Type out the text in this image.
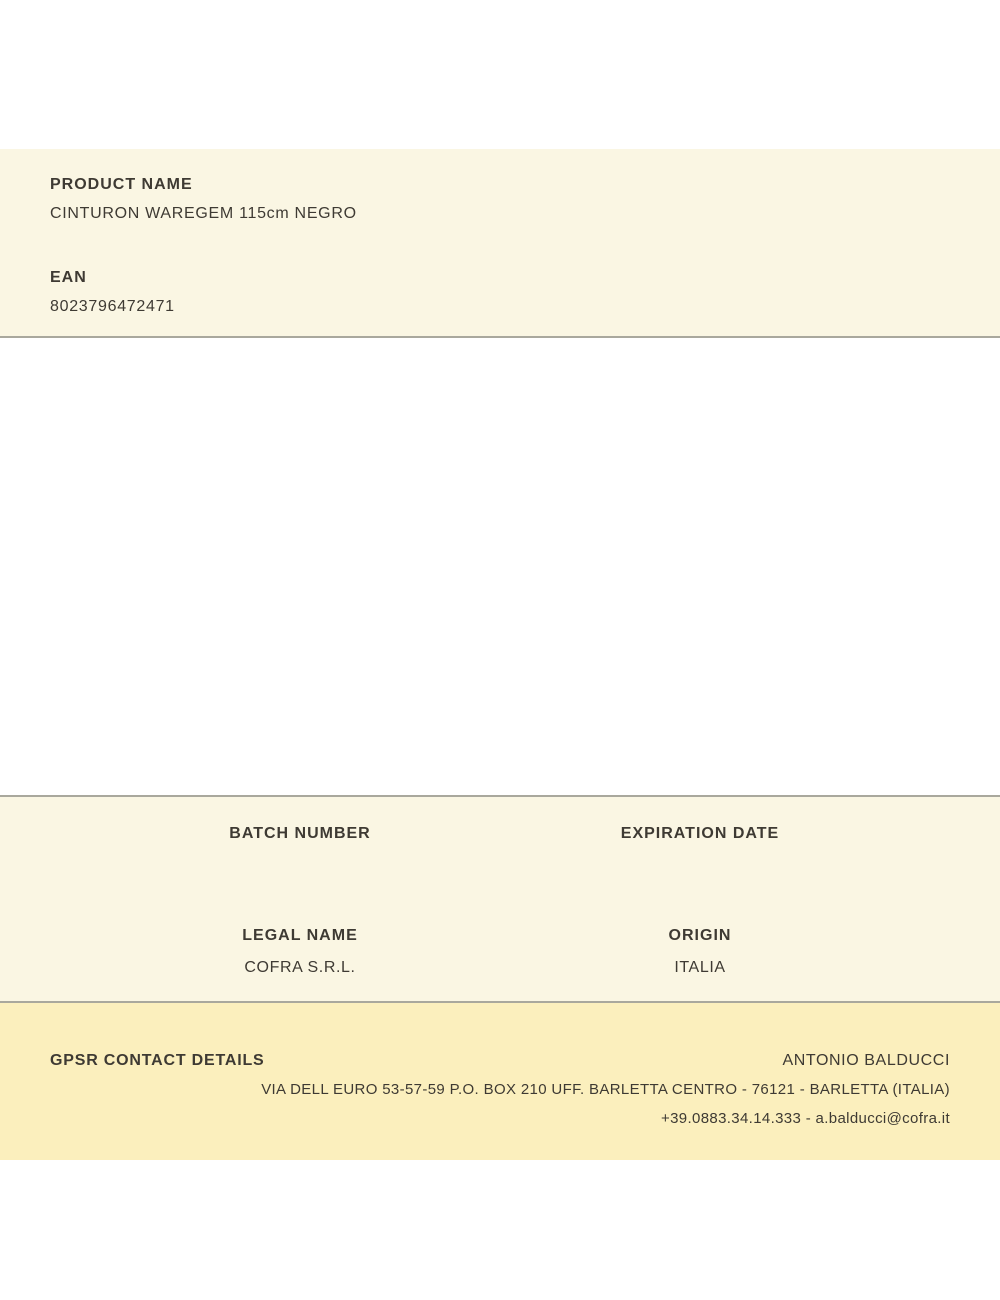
PRODUCT NAME
CINTURON WAREGEM 115cm NEGRO
EAN
8023796472471
BATCH NUMBER	EXPIRATION DATE
LEGAL NAME
COFRA S.R.L.
ORIGIN
ITALIA
GPSR CONTACT DETAILS	ANTONIO BALDUCCI
VIA DELL EURO 53-57-59 P.O. BOX 210 UFF. BARLETTA CENTRO - 76121 - BARLETTA (ITALIA)
+39.0883.34.14.333 - a.balducci@cofra.it
